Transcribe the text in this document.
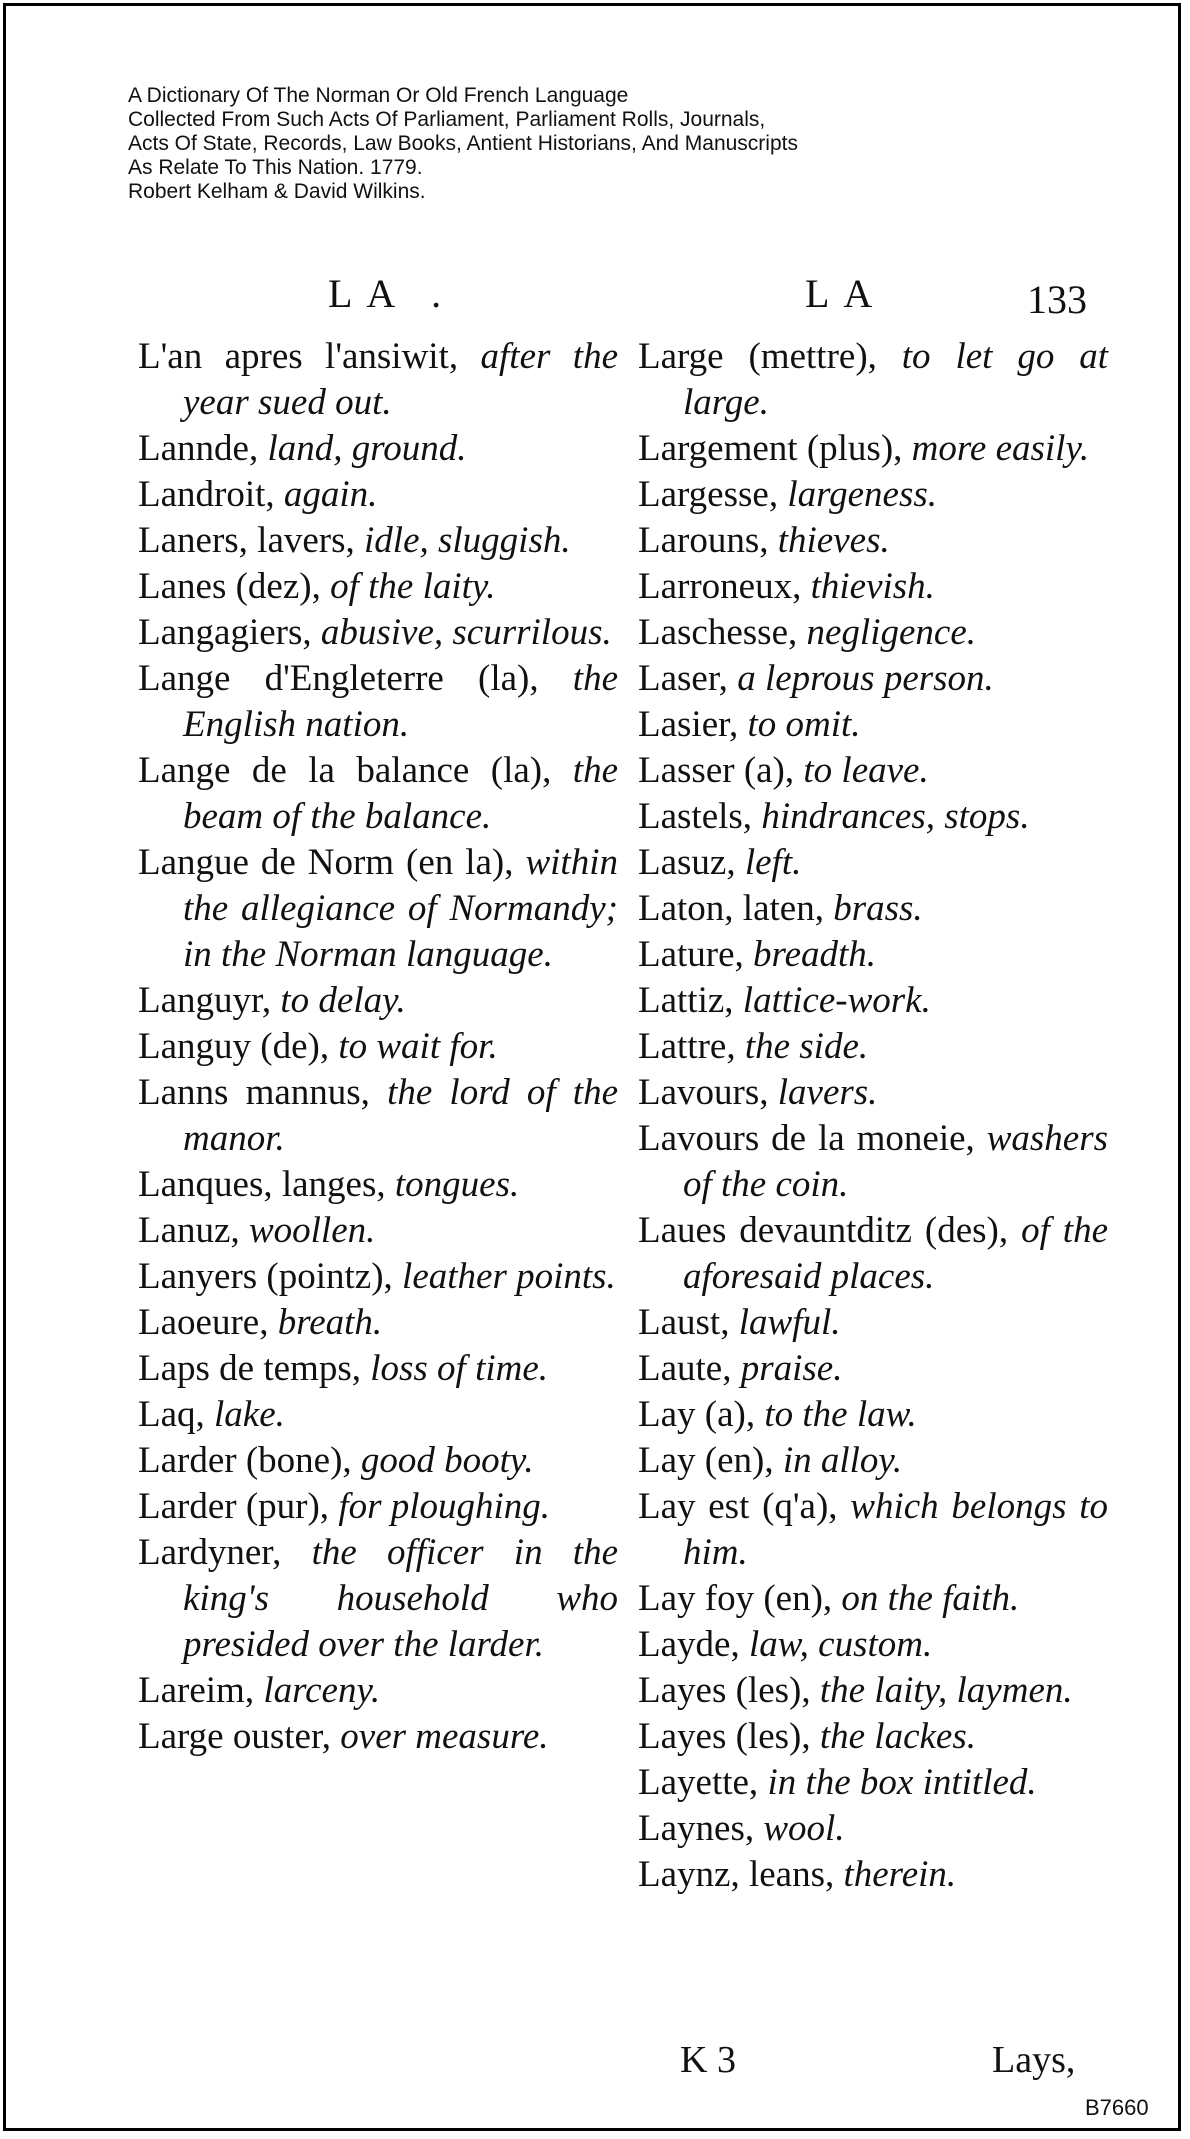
A Dictionary Of The Norman Or Old French Language
Collected From Such Acts Of Parliament, Parliament Rolls, Journals,
Acts Of State, Records, Law Books, Antient Historians, And Manuscripts
As Relate To This Nation. 1779.
Robert Kelham & David Wilkins.
LA .	LA	133
L'an apres l'ansiwit, after the year sued out.
Lannde, land, ground.
Landroit, again.
Laners, lavers, idle, sluggish.
Lanes (dez), of the laity.
Langagiers, abusive, scurrilous.
Lange d'Engleterre (la), the English nation.
Lange de la balance (la), the beam of the balance.
Langue de Norm (en la), within the allegiance of Normandy; in the Norman language.
Languyr, to delay.
Languy (de), to wait for.
Lanns mannus, the lord of the manor.
Lanques, langes, tongues.
Lanuz, woollen.
Lanyers (pointz), leather points.
Laoeure, breath.
Laps de temps, loss of time.
Laq, lake.
Larder (bone), good booty.
Larder (pur), for ploughing.
Lardyner, the officer in the king's household who presided over the larder.
Lareim, larceny.
Large ouster, over measure.
Large (mettre), to let go at large.
Largement (plus), more easily.
Largesse, largeness.
Larouns, thieves.
Larroneux, thievish.
Laschesse, negligence.
Laser, a leprous person.
Lasier, to omit.
Lasser (a), to leave.
Lastels, hindrances, stops.
Lasuz, left.
Laton, laten, brass.
Lature, breadth.
Lattiz, lattice-work.
Lattre, the side.
Lavours, lavers.
Lavours de la moneie, washers of the coin.
Laues devauntditz (des), of the aforesaid places.
Laust, lawful.
Laute, praise.
Lay (a), to the law.
Lay (en), in alloy.
Lay est (q'a), which belongs to him.
Lay foy (en), on the faith.
Layde, law, custom.
Layes (les), the laity, laymen.
Layes (les), the lackes.
Layette, in the box intitled.
Laynes, wool.
Laynz, leans, therein.
K 3	Lays,
B7660
